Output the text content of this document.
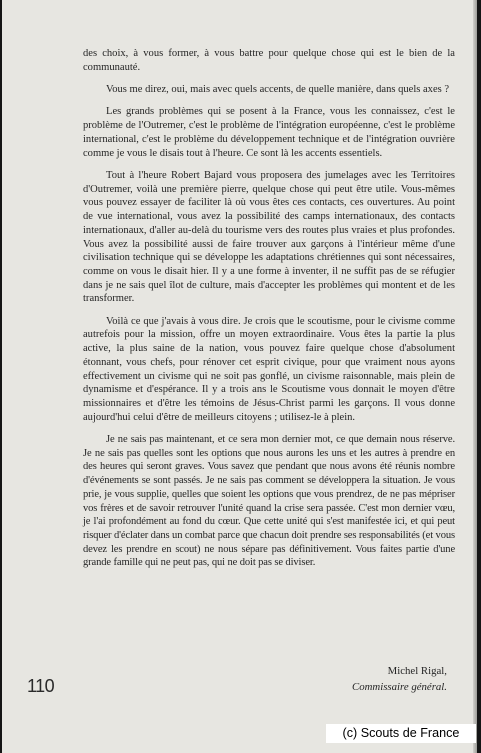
des choix, à vous former, à vous battre pour quelque chose qui est le bien de la communauté.

Vous me direz, oui, mais avec quels accents, de quelle manière, dans quels axes ?

Les grands problèmes qui se posent à la France, vous les connaissez, c'est le problème de l'Outremer, c'est le problème de l'intégration européenne, c'est le problème international, c'est le problème du développement technique et de l'intégration ouvrière comme je vous le disais tout à l'heure. Ce sont là les accents essentiels.

Tout à l'heure Robert Bajard vous proposera des jumelages avec les Territoires d'Outremer, voilà une première pierre, quelque chose qui peut être utile. Vous-mêmes vous pouvez essayer de faciliter là où vous êtes ces contacts, ces ouvertures. Au point de vue international, vous avez la possibilité des camps internationaux, des contacts internationaux, d'aller au-delà du tourisme vers des routes plus vraies et plus profondes. Vous avez la possibilité aussi de faire trouver aux garçons à l'intérieur même d'une civilisation technique qui se développe les adaptations chrétiennes qui sont nécessaires, comme on vous le disait hier. Il y a une forme à inventer, il ne suffit pas de se réfugier dans je ne sais quel îlot de culture, mais d'accepter les problèmes qui montent et de les transformer.

Voilà ce que j'avais à vous dire. Je crois que le scoutisme, pour le civisme comme autrefois pour la mission, offre un moyen extraordinaire. Vous êtes la partie la plus active, la plus saine de la nation, vous pouvez faire quelque chose d'absolument étonnant, vous chefs, pour rénover cet esprit civique, pour que vraiment nous ayons effectivement un civisme qui ne soit pas gonflé, un civisme raisonnable, mais plein de dynamisme et d'espérance. Il y a trois ans le Scoutisme vous donnait le moyen d'être missionnaires et d'être les témoins de Jésus-Christ parmi les garçons. Il vous donne aujourd'hui celui d'être de meilleurs citoyens ; utilisez-le à plein.

Je ne sais pas maintenant, et ce sera mon dernier mot, ce que demain nous réserve. Je ne sais pas quelles sont les options que nous aurons les uns et les autres à prendre en des heures qui seront graves. Vous savez que pendant que nous avons été réunis nombre d'événements se sont passés. Je ne sais pas comment se développera la situation. Je vous prie, je vous supplie, quelles que soient les options que vous prendrez, de ne pas mépriser vos frères et de savoir retrouver l'unité quand la crise sera passée. C'est mon dernier vœu, je l'ai profondément au fond du cœur. Que cette unité qui s'est manifestée ici, et qui peut risquer d'éclater dans un combat parce que chacun doit prendre ses responsabilités (et vous devez les prendre en scout) ne nous sépare pas définitivement. Vous faites partie d'une grande famille qui ne peut pas, qui ne doit pas se diviser.

Michel Rigal,
Commissaire général.
110
(c) Scouts de France
